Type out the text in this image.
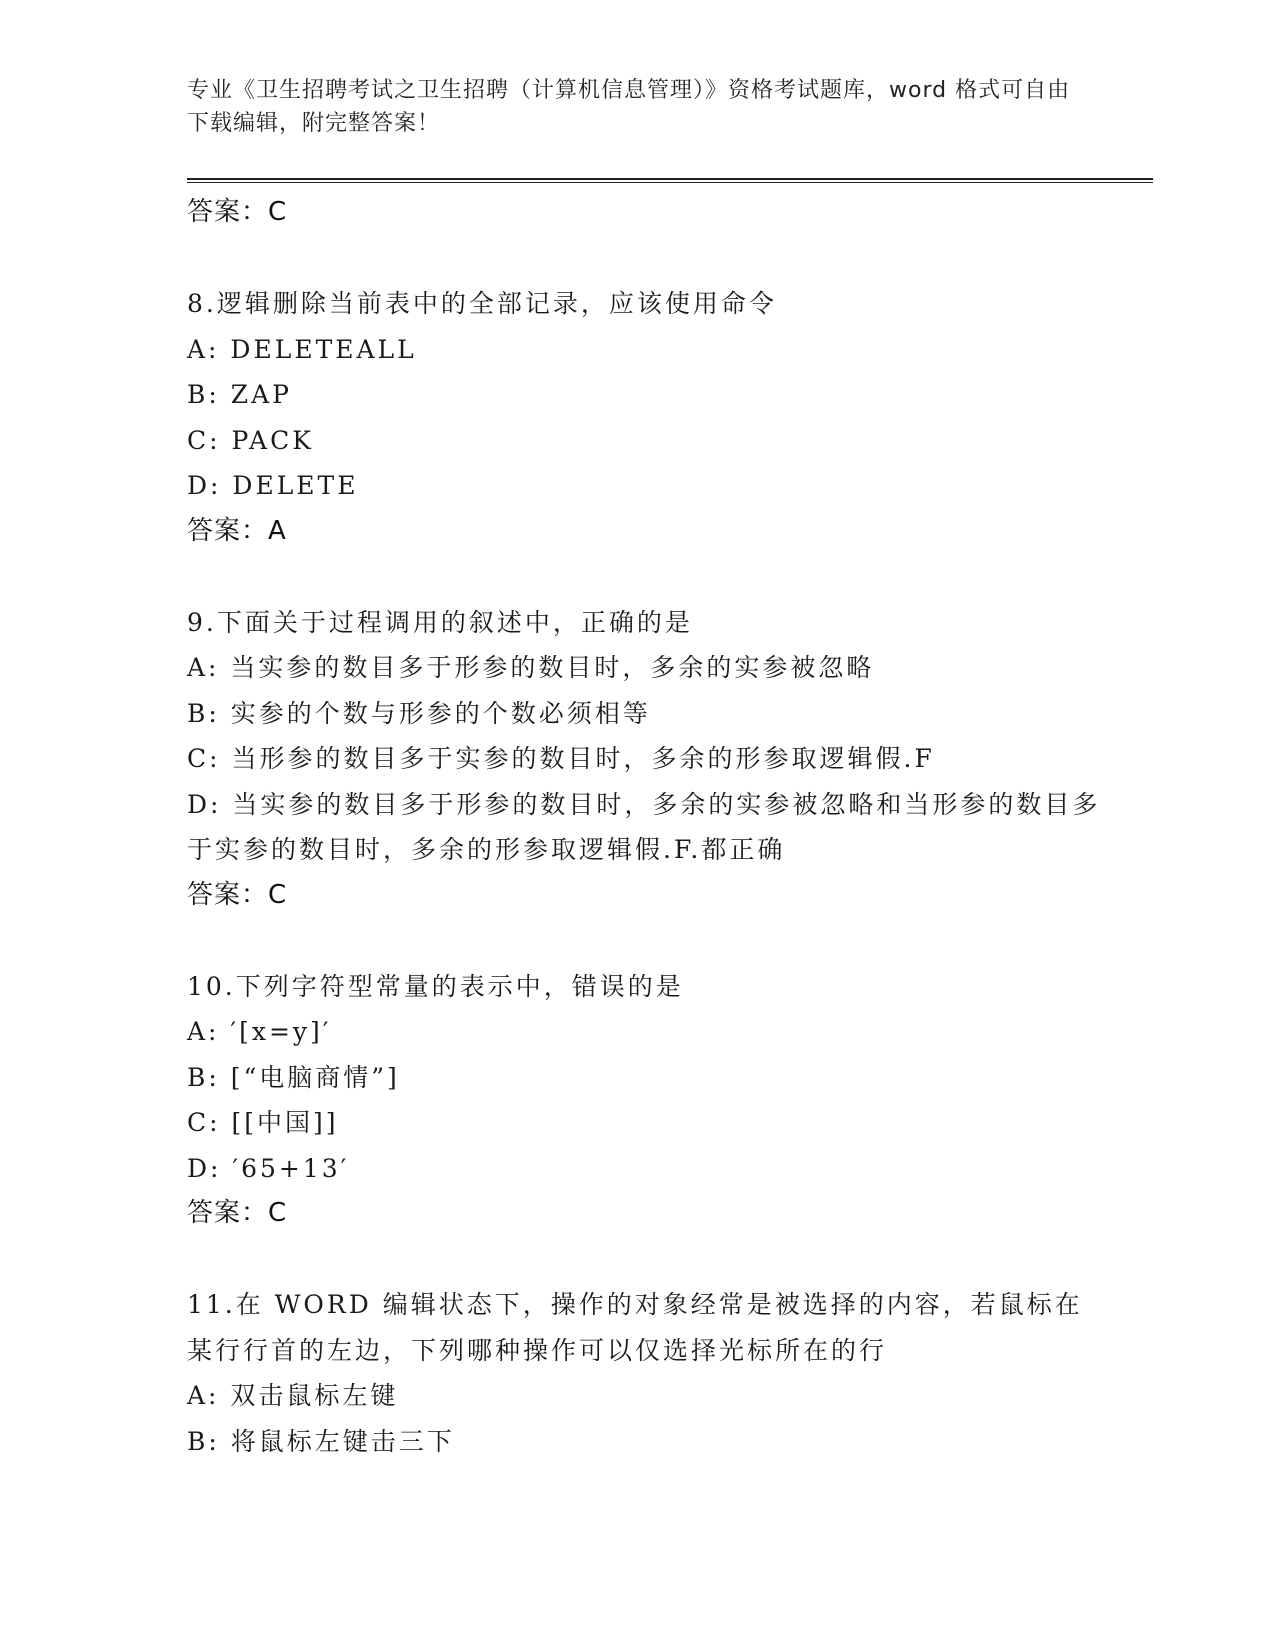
专业《卫生招聘考试之卫生招聘（计算机信息管理）》资格考试题库，word 格式可自由下载编辑，附完整答案！
答案：C
8.逻辑删除当前表中的全部记录，应该使用命令
A: DELETEALL
B: ZAP
C: PACK
D: DELETE
答案：A
9.下面关于过程调用的叙述中，正确的是
A: 当实参的数目多于形参的数目时，多余的实参被忽略
B: 实参的个数与形参的个数必须相等
C: 当形参的数目多于实参的数目时，多余的形参取逻辑假.F
D: 当实参的数目多于形参的数目时，多余的实参被忽略和当形参的数目多于实参的数目时，多余的形参取逻辑假.F.都正确
答案：C
10.下列字符型常量的表示中，错误的是
A: ′[x=y]′
B: [“电脑商情”]
C: [[中国]]
D: ′65+13′
答案：C
11.在 WORD 编辑状态下，操作的对象经常是被选择的内容，若鼠标在某行行首的左边，下列哪种操作可以仅选择光标所在的行
A: 双击鼠标左键
B: 将鼠标左键击三下
